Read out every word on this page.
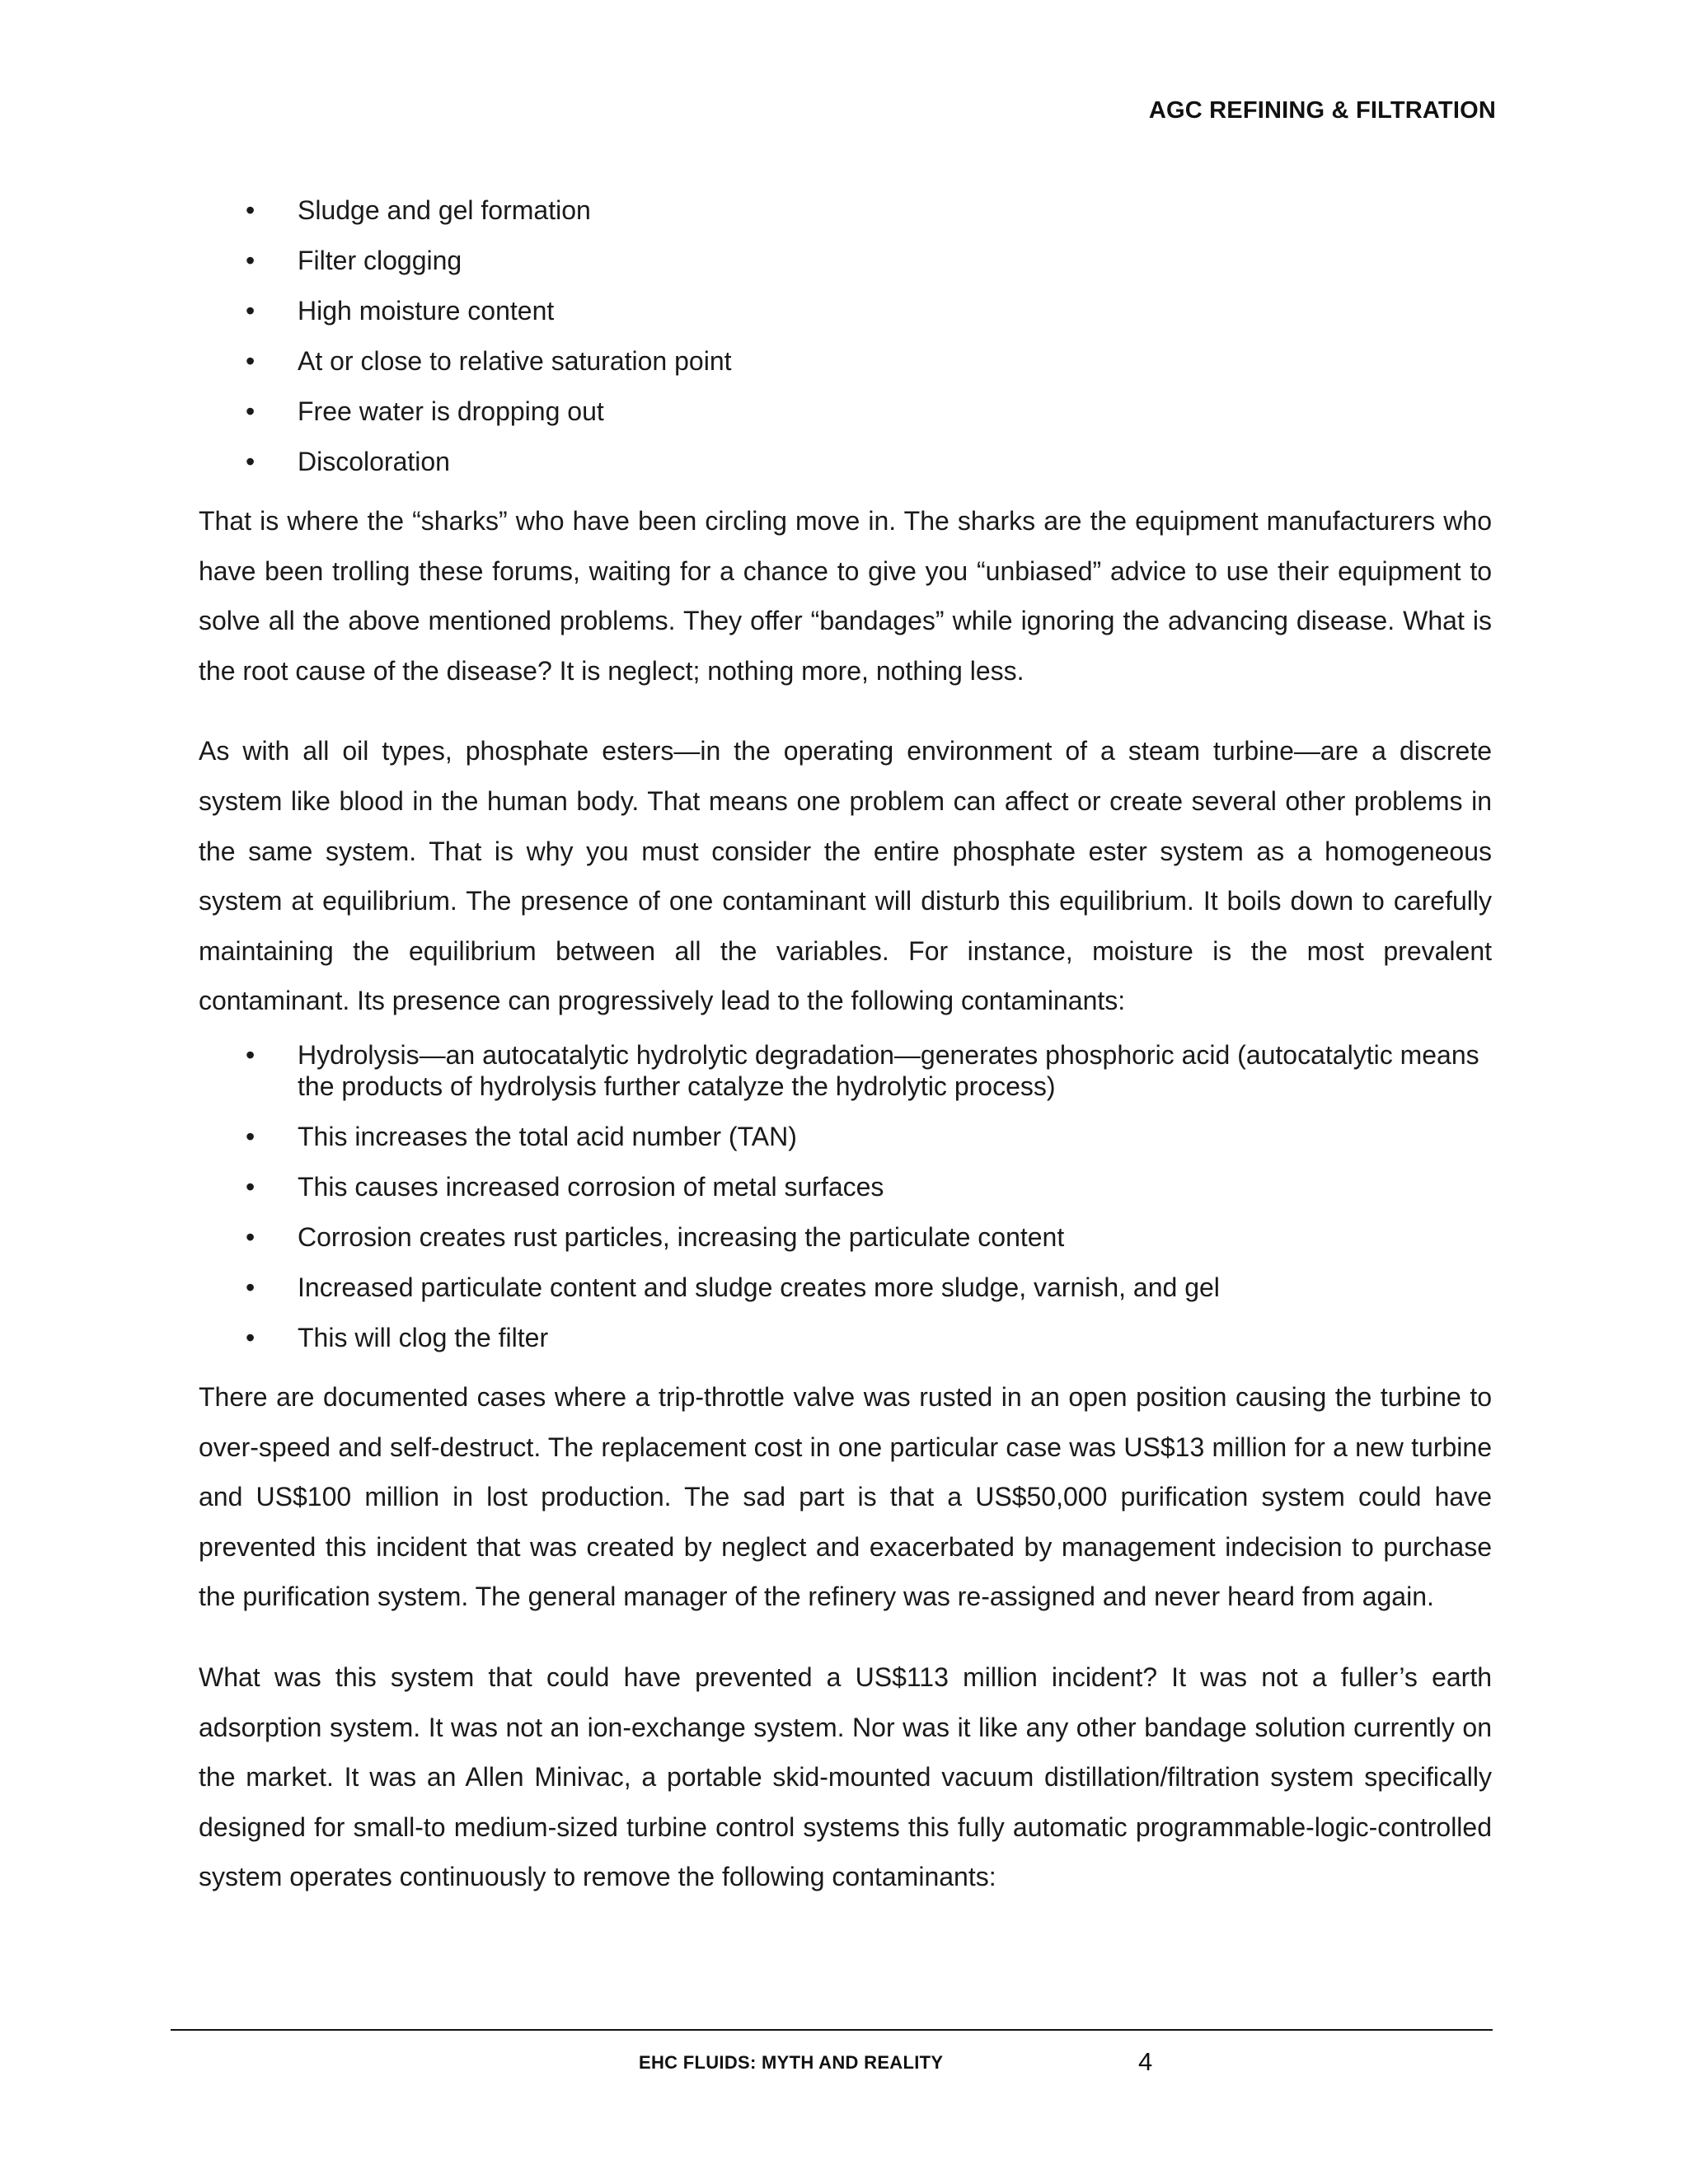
AGC REFINING & FILTRATION
• Sludge and gel formation
• Filter clogging
• High moisture content
• At or close to relative saturation point
• Free water is dropping out
• Discoloration

That is where the “sharks” who have been circling move in. The sharks are the equipment manufacturers who have been trolling these forums, waiting for a chance to give you “unbiased” advice to use their equipment to solve all the above mentioned problems. They offer “bandages” while ignoring the advancing disease. What is the root cause of the disease? It is neglect; nothing more, nothing less.

As with all oil types, phosphate esters—in the operating environment of a steam turbine—are a discrete system like blood in the human body. That means one problem can affect or create several other problems in the same system. That is why you must consider the entire phosphate ester system as a homogeneous system at equilibrium. The presence of one contaminant will disturb this equilibrium. It boils down to carefully maintaining the equilibrium between all the variables. For instance, moisture is the most prevalent contaminant. Its presence can progressively lead to the following contaminants:

• Hydrolysis—an autocatalytic hydrolytic degradation—generates phosphoric acid (autocatalytic means the products of hydrolysis further catalyze the hydrolytic process)
• This increases the total acid number (TAN)
• This causes increased corrosion of metal surfaces
• Corrosion creates rust particles, increasing the particulate content
• Increased particulate content and sludge creates more sludge, varnish, and gel
• This will clog the filter

There are documented cases where a trip-throttle valve was rusted in an open position causing the turbine to over-speed and self-destruct. The replacement cost in one particular case was US$13 million for a new turbine and US$100 million in lost production. The sad part is that a US$50,000 purification system could have prevented this incident that was created by neglect and exacerbated by management indecision to purchase the purification system. The general manager of the refinery was re-assigned and never heard from again.

What was this system that could have prevented a US$113 million incident? It was not a fuller’s earth adsorption system. It was not an ion-exchange system. Nor was it like any other bandage solution currently on the market. It was an Allen Minivac, a portable skid-mounted vacuum distillation/filtration system specifically designed for small-to medium-sized turbine control systems this fully automatic programmable-logic-controlled system operates continuously to remove the following contaminants:

EHC FLUIDS: MYTH AND REALITY	4
